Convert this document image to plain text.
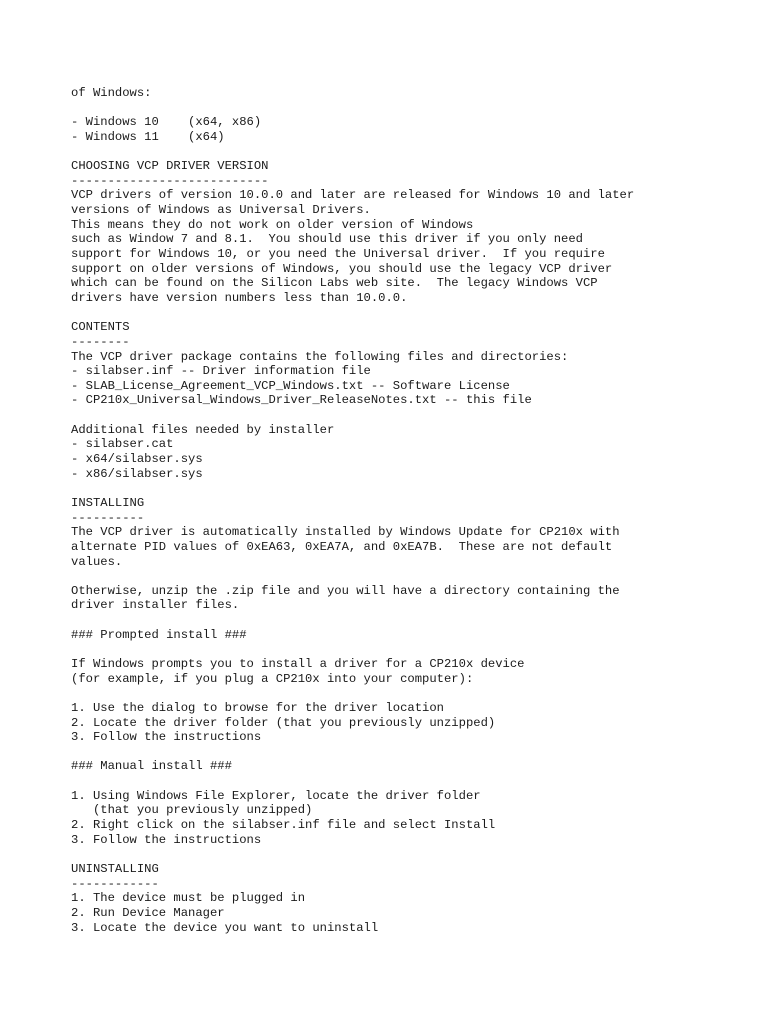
of Windows:
- Windows 10    (x64, x86)
- Windows 11    (x64)
CHOOSING VCP DRIVER VERSION
---------------------------
VCP drivers of version 10.0.0 and later are released for Windows 10 and later
versions of Windows as Universal Drivers.
This means they do not work on older version of Windows
such as Window 7 and 8.1.  You should use this driver if you only need
support for Windows 10, or you need the Universal driver.  If you require
support on older versions of Windows, you should use the legacy VCP driver
which can be found on the Silicon Labs web site.  The legacy Windows VCP
drivers have version numbers less than 10.0.0.
CONTENTS
--------
The VCP driver package contains the following files and directories:
- silabser.inf -- Driver information file
- SLAB_License_Agreement_VCP_Windows.txt -- Software License
- CP210x_Universal_Windows_Driver_ReleaseNotes.txt -- this file
Additional files needed by installer
- silabser.cat
- x64/silabser.sys
- x86/silabser.sys
INSTALLING
----------
The VCP driver is automatically installed by Windows Update for CP210x with
alternate PID values of 0xEA63, 0xEA7A, and 0xEA7B.  These are not default
values.
Otherwise, unzip the .zip file and you will have a directory containing the
driver installer files.
### Prompted install ###
If Windows prompts you to install a driver for a CP210x device
(for example, if you plug a CP210x into your computer):
1. Use the dialog to browse for the driver location
2. Locate the driver folder (that you previously unzipped)
3. Follow the instructions
### Manual install ###
1. Using Windows File Explorer, locate the driver folder
(that you previously unzipped)
2. Right click on the silabser.inf file and select Install
3. Follow the instructions
UNINSTALLING
------------
1. The device must be plugged in
2. Run Device Manager
3. Locate the device you want to uninstall
